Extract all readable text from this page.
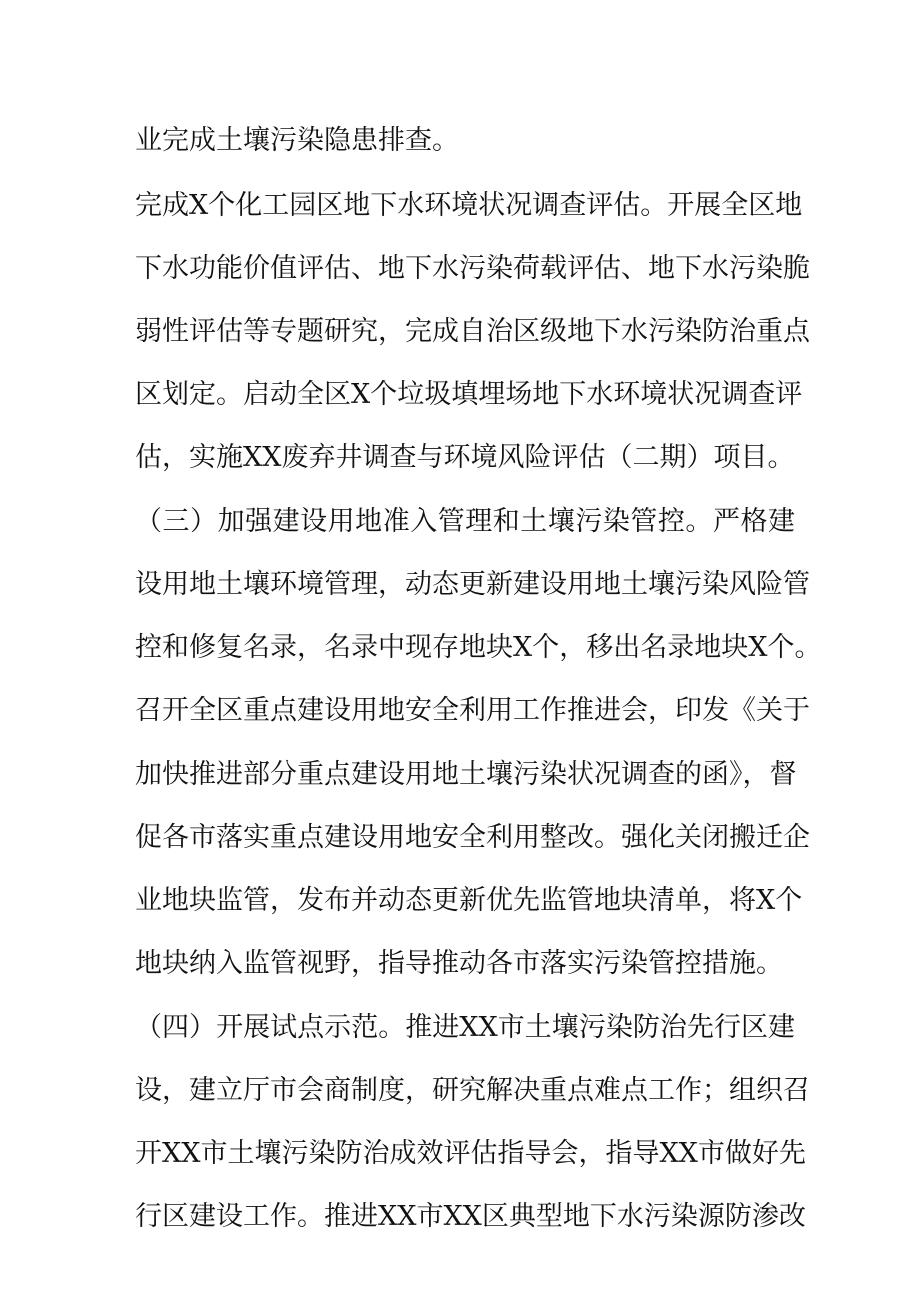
业完成土壤污染隐患排查。
完成X个化工园区地下水环境状况调查评估。开展全区地
下水功能价值评估、地下水污染荷载评估、地下水污染脆
弱性评估等专题研究，完成自治区级地下水污染防治重点
区划定。启动全区X个垃圾填埋场地下水环境状况调查评
估，实施XX废弃井调查与环境风险评估（二期）项目。
（三）加强建设用地准入管理和土壤污染管控。严格建
设用地土壤环境管理，动态更新建设用地土壤污染风险管
控和修复名录，名录中现存地块X个，移出名录地块X个。
召开全区重点建设用地安全利用工作推进会，印发《关于
加快推进部分重点建设用地土壤污染状况调查的函》，督
促各市落实重点建设用地安全利用整改。强化关闭搬迁企
业地块监管，发布并动态更新优先监管地块清单，将X个
地块纳入监管视野，指导推动各市落实污染管控措施。
（四）开展试点示范。推进XX市土壤污染防治先行区建
设，建立厅市会商制度，研究解决重点难点工作；组织召
开XX市土壤污染防治成效评估指导会，指导XX市做好先
行区建设工作。推进XX市XX区典型地下水污染源防渗改
